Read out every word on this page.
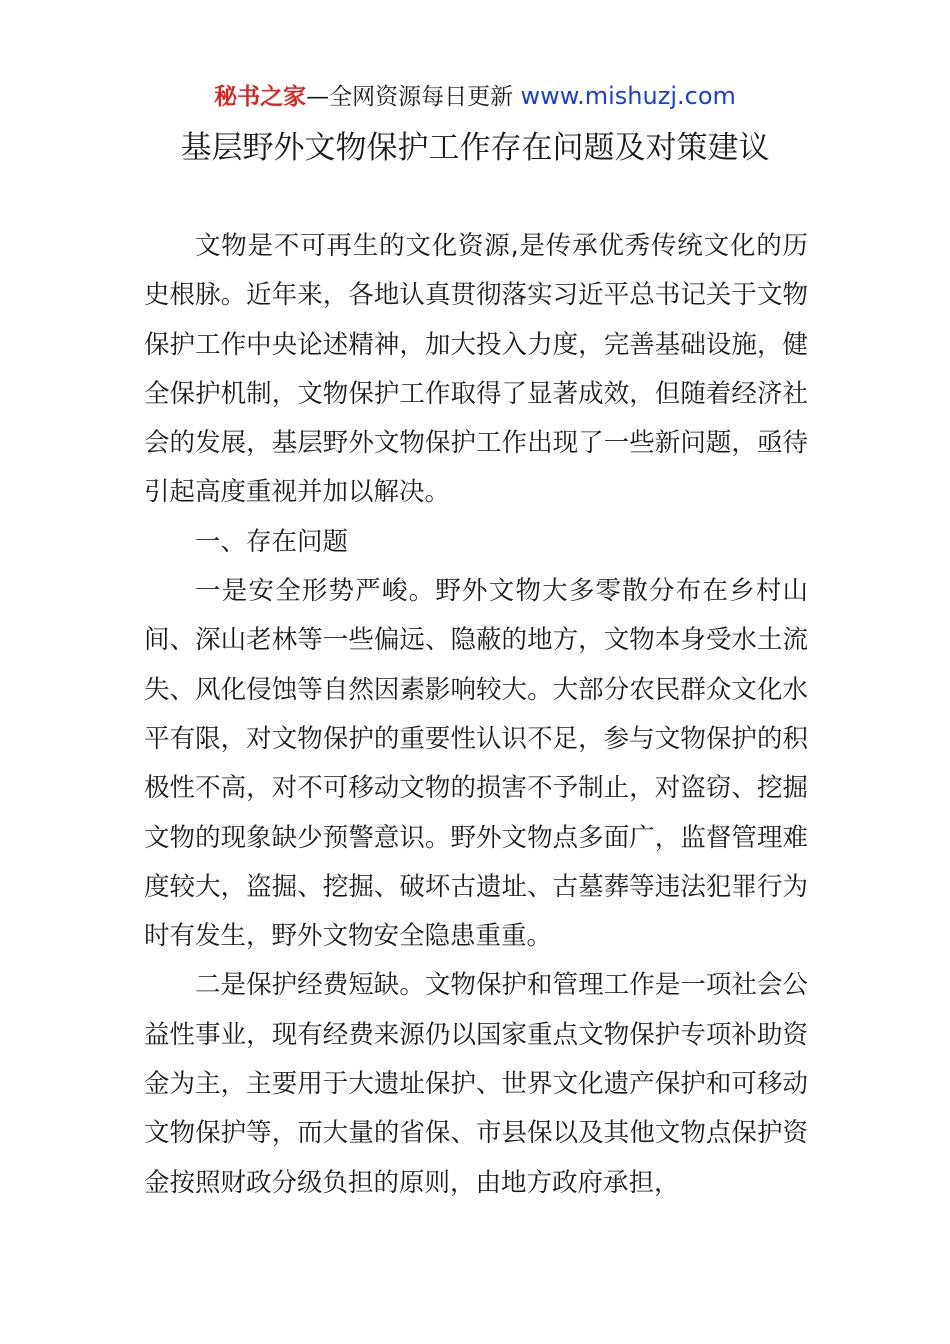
秘书之家—全网资源每日更新 www.mishuzj.com
基层野外文物保护工作存在问题及对策建议

文物是不可再生的文化资源,是传承优秀传统文化的历史根脉。近年来，各地认真贯彻落实习近平总书记关于文物保护工作中央论述精神，加大投入力度，完善基础设施，健全保护机制，文物保护工作取得了显著成效，但随着经济社会的发展，基层野外文物保护工作出现了一些新问题，亟待引起高度重视并加以解决。

一、存在问题

一是安全形势严峻。野外文物大多零散分布在乡村山间、深山老林等一些偏远、隐蔽的地方，文物本身受水土流失、风化侵蚀等自然因素影响较大。大部分农民群众文化水平有限，对文物保护的重要性认识不足，参与文物保护的积极性不高，对不可移动文物的损害不予制止，对盗窃、挖掘文物的现象缺少预警意识。野外文物点多面广，监督管理难度较大，盗掘、挖掘、破坏古遗址、古墓葬等违法犯罪行为时有发生，野外文物安全隐患重重。

二是保护经费短缺。文物保护和管理工作是一项社会公益性事业，现有经费来源仍以国家重点文物保护专项补助资金为主，主要用于大遗址保护、世界文化遗产保护和可移动文物保护等，而大量的省保、市县保以及其他文物点保护资金按照财政分级负担的原则，由地方政府承担，
